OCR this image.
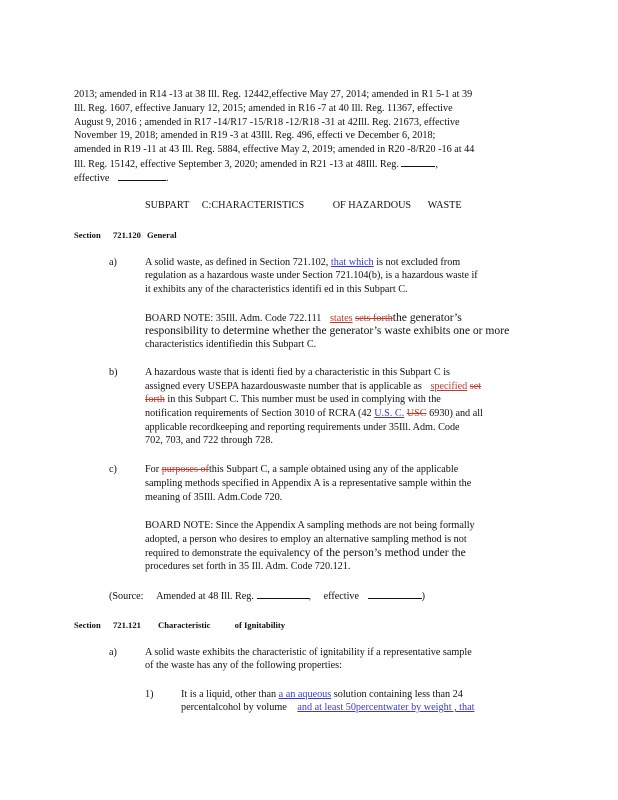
2013; amended in R14 -13 at 38 Ill. Reg. 12442,effective May 27, 2014; amended in R1 5-1 at 39
Ill. Reg. 1607, effective January 12, 2015; amended in R16 -7 at 40 Ill. Reg. 11367, effective
August 9, 2016 ; amended in R17 -14/R17 -15/R18 -12/R18 -31 at 42Ill. Reg. 21673, effective
November 19, 2018; amended in R19 -3 at 43Ill. Reg. 496, effecti ve December 6, 2018;
amended in R19 -11 at 43 Ill. Reg. 5884, effective May 2, 2019; amended in R20 -8/R20 -16 at 44
Ill. Reg. 15142, effective September 3, 2020; amended in R21 -13 at 48Ill. Reg.	,
effective	.
SUBPART C:CHARACTERISTICS	OF HAZARDOUS WASTE
Section 721.120 General
a)	A solid waste, as defined in Section 721.102, that which is not excluded from
regulation as a hazardous waste under Section 721.104(b), is a hazardous waste if
it exhibits any of the characteristics identifi ed in this Subpart C.
BOARD NOTE: 35Ill. Adm. Code 722.111 states sets forththe generator’s
responsibility to determine whether the generator’s waste exhibits one or more
characteristics identifiedin this Subpart C.
b)	A hazardous waste that is identi fied by a characteristic in this Subpart C is
assigned every USEPA hazardouswaste number that is applicable as specified set
forth in this Subpart C. This number must be used in complying with the
notification requirements of Section 3010 of RCRA (42 U.S. C. USC 6930) and all
applicable recordkeeping and reporting requirements under 35Ill. Adm. Code
702, 703, and 722 through 728.
c)	For purposes ofthis Subpart C, a sample obtained using any of the applicable
sampling methods specified in Appendix A is a representative sample within the
meaning of 35Ill. Adm.Code 720.
BOARD NOTE: Since the Appendix A sampling methods are not being formally
adopted, a person who desires to employ an alternative sampling method is not
required to demonstrate the equivalency of the person’s method under the
procedures set forth in 35 Ill. Adm. Code 720.121.
(Source: Amended at 48 Ill. Reg.	, effective	)
Section 721.121 Characteristic	of Ignitability
a)	A solid waste exhibits the characteristic of ignitability if a representative sample
of the waste has any of the following properties:
1)	It is a liquid, other than a an aqueous solution containing less than 24
percentalcohol by volume and at least 50percentwater by weight , that
